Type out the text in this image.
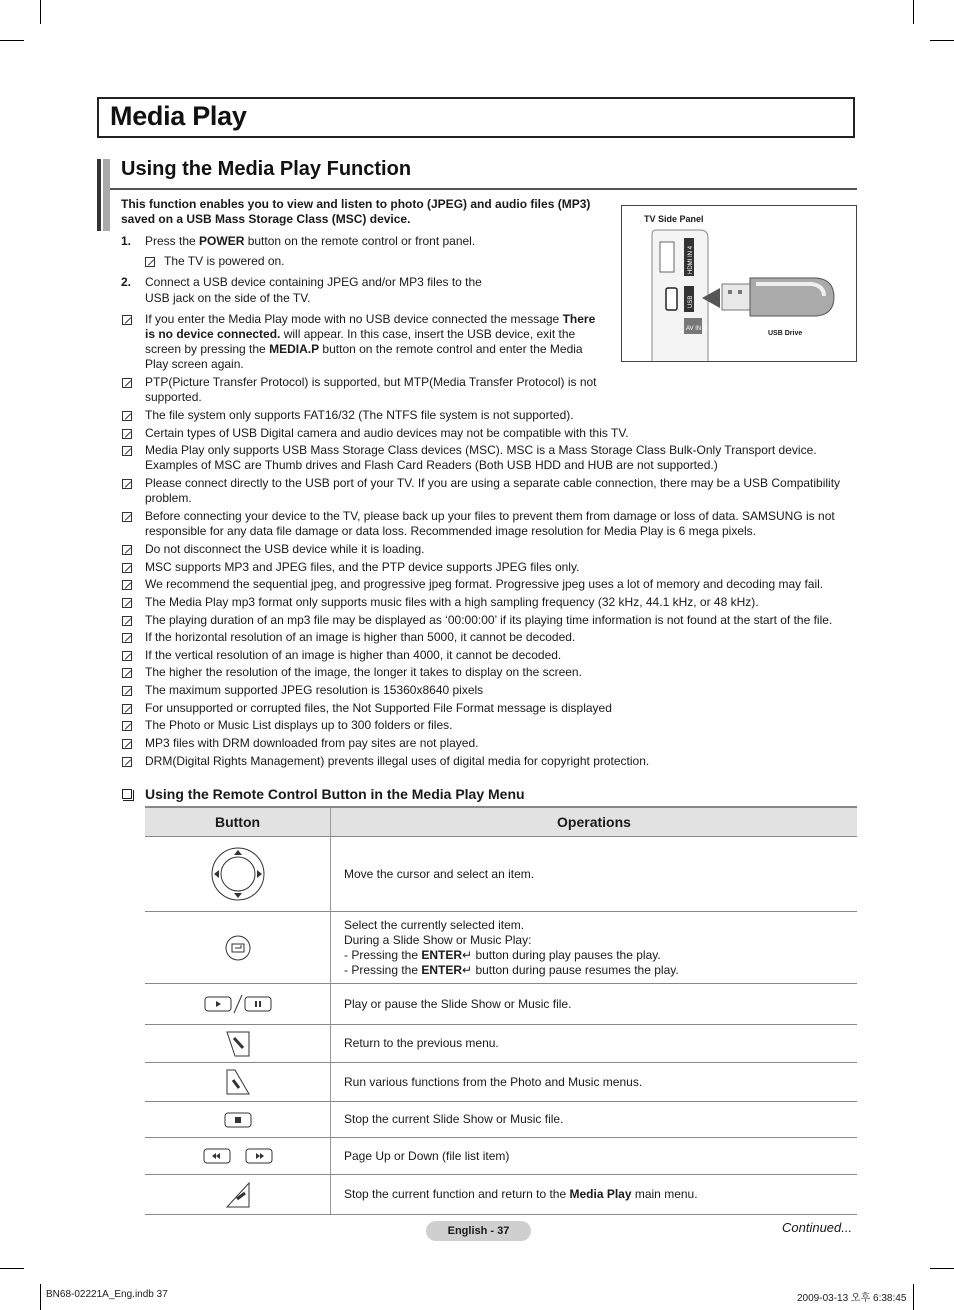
Media Play
Using the Media Play Function
This function enables you to view and listen to photo (JPEG) and audio files (MP3) saved on a USB Mass Storage Class (MSC) device.	TV Side Panel
USB Drive
HDMI IN 4
USB
AV IN 2
1. Press the POWER button on the remote control or front panel.
The TV is powered on.
2. Connect a USB device containing JPEG and/or MP3 files to the
USB jack on the side of the TV.
If you enter the Media Play mode with no USB device connected the message There
is no device connected. will appear. In this case, insert the USB device, exit the
screen by pressing the MEDIA.P button on the remote control and enter the Media
Play screen again.
PTP(Picture Transfer Protocol) is supported, but MTP(Media Transfer Protocol) is not
supported.
The file system only supports FAT16/32 (The NTFS file system is not supported).
Certain types of USB Digital camera and audio devices may not be compatible with this TV.
Media Play only supports USB Mass Storage Class devices (MSC). MSC is a Mass Storage Class Bulk-Only Transport device.
Examples of MSC are Thumb drives and Flash Card Readers (Both USB HDD and HUB are not supported.)
Please connect directly to the USB port of your TV. If you are using a separate cable connection, there may be a USB Compatibility
problem.
Before connecting your device to the TV, please back up your files to prevent them from damage or loss of data. SAMSUNG is not
responsible for any data file damage or data loss. Recommended image resolution for Media Play is 6 mega pixels.
Do not disconnect the USB device while it is loading.
MSC supports MP3 and JPEG files, and the PTP device supports JPEG files only.
We recommend the sequential jpeg, and progressive jpeg format. Progressive jpeg uses a lot of memory and decoding may fail.
The Media Play mp3 format only supports music files with a high sampling frequency (32 kHz, 44.1 kHz, or 48 kHz).
The playing duration of an mp3 file may be displayed as ‘00:00:00’ if its playing time information is not found at the start of the file.
If the horizontal resolution of an image is higher than 5000, it cannot be decoded.
If the vertical resolution of an image is higher than 4000, it cannot be decoded.
The higher the resolution of the image, the longer it takes to display on the screen.
The maximum supported JPEG resolution is 15360x8640 pixels
For unsupported or corrupted files, the Not Supported File Format message is displayed
The Photo or Music List displays up to 300 folders or files.
MP3 files with DRM downloaded from pay sites are not played.
DRM(Digital Rights Management) prevents illegal uses of digital media for copyright protection.
Using the Remote Control Button in the Media Play Menu
Button	Operations
	Move the cursor and select an item.

Select the currently selected item.
During a Slide Show or Music Play:
- Pressing the ENTER↵ button during play pauses the play.
- Pressing the ENTER↵ button during pause resumes the play.

	Play or pause the Slide Show or Music file.
	Return to the previous menu.
	Run various functions from the Photo and Music menus.
	Stop the current Slide Show or Music file.
	Page Up or Down (file list item)
	Stop the current function and return to the Media Play main menu.
English - 37	Continued...
BN68-02221A_Eng.indb 37	2009-03-13 오후 6:38:45
